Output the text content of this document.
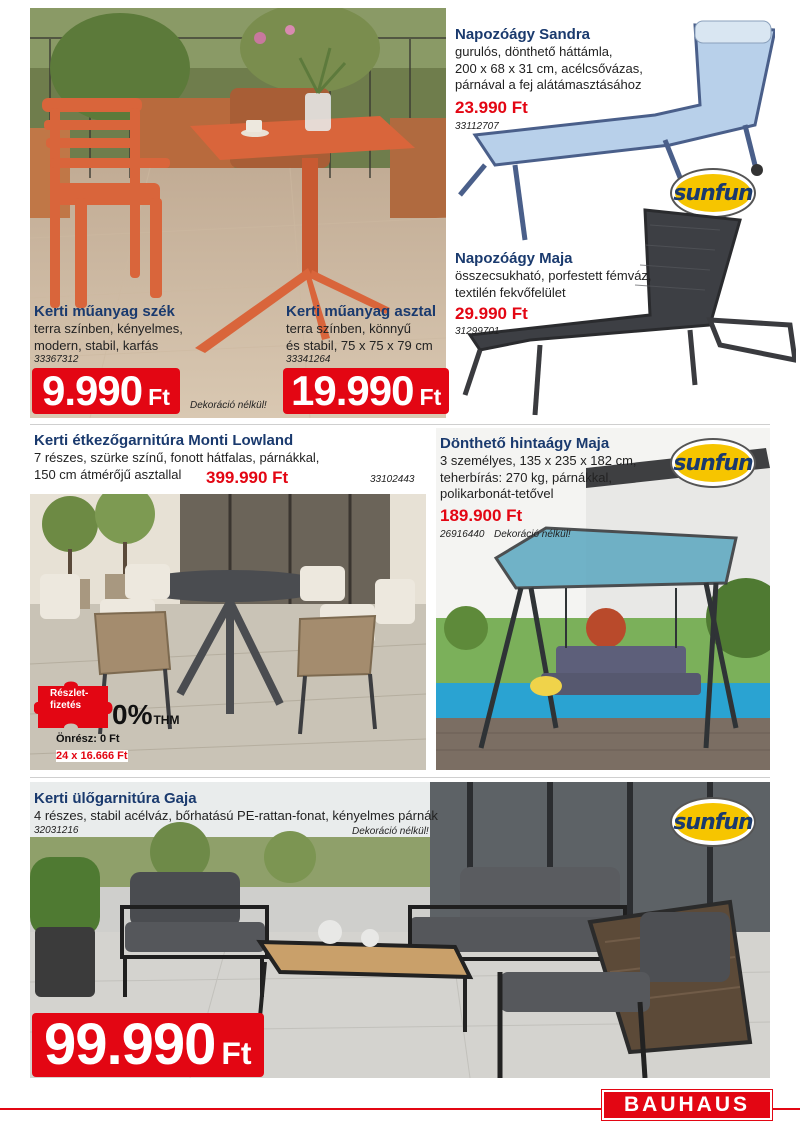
Kerti műanyag szék
terra színben, kényelmes,
modern, stabil, karfás
33367312
9.990 Ft
Kerti műanyag asztal
terra színben, könnyű
és stabil, 75 x 75 x 79 cm
33341264
Dekoráció nélkül! 19.990 Ft
Napozóágy Sandra
gurulós, dönthető háttámla,
200 x 68 x 31 cm, acélcsővázas,
párnával a fej alátámasztásához
23.990 Ft
33112707
sunfun
Napozóágy Maja
összecsukható, porfestett fémváz,
textilén fekvőfelület
29.990 Ft
31299701
Kerti étkezőgarnitúra Monti Lowland
7 részes, szürke színű, fonott hátfalas, párnákkal,
150 cm átmérőjű asztallal	399.990 Ft	33102443
Részlet-
fizetés 0%THM
Önrész: 0 Ft
24 x 16.666 Ft
Dönthető hintaágy Maja
3 személyes, 135 x 235 x 182 cm,
teherbírás: 270 kg, párnákkal,
polikarbonát-tetővel
189.900 Ft
26916440 Dekoráció nélkül!
sunfun
Kerti ülőgarnitúra Gaja
4 részes, stabil acélváz, bőrhatású PE-rattan-fonat, kényelmes párnák
32031216	Dekoráció nélkül!	sunfun
99.990 Ft
BAUHAUS
